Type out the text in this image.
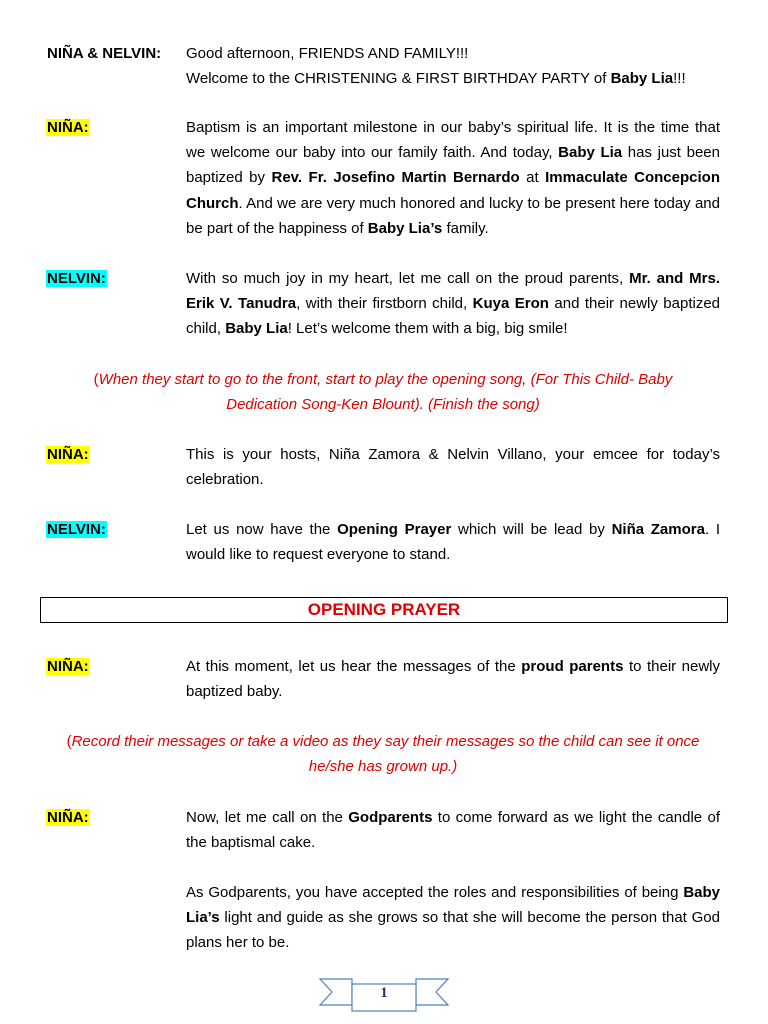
NIÑA & NELVIN:	Good afternoon, FRIENDS AND FAMILY!!!
Welcome to the CHRISTENING & FIRST BIRTHDAY PARTY of Baby Lia!!!
NIÑA:	Baptism is an important milestone in our baby’s spiritual life. It is the time that we welcome our baby into our family faith. And today, Baby Lia has just been baptized by Rev. Fr. Josefino Martin Bernardo at Immaculate Concepcion Church. And we are very much honored and lucky to be present here today and be part of the happiness of Baby Lia’s family.
NELVIN:	With so much joy in my heart, let me call on the proud parents, Mr. and Mrs. Erik V. Tanudra, with their firstborn child, Kuya Eron and their newly baptized child, Baby Lia! Let’s welcome them with a big, big smile!
(When they start to go to the front, start to play the opening song, (For This Child- Baby
Dedication Song-Ken Blount). (Finish the song)
NIÑA:	This is your hosts, Niña Zamora & Nelvin Villano, your emcee for today’s celebration.
NELVIN:	Let us now have the Opening Prayer which will be lead by Niña Zamora. I would like to request everyone to stand.
OPENING PRAYER
NIÑA:	At this moment, let us hear the messages of the proud parents to their newly baptized baby.
(Record their messages or take a video as they say their messages so the child can see it once
he/she has grown up.)
NIÑA:	Now, let me call on the Godparents to come forward as we light the candle of the baptismal cake.
As Godparents, you have accepted the roles and responsibilities of being Baby Lia’s light and guide as she grows so that she will become the person that God plans her to be.
1
